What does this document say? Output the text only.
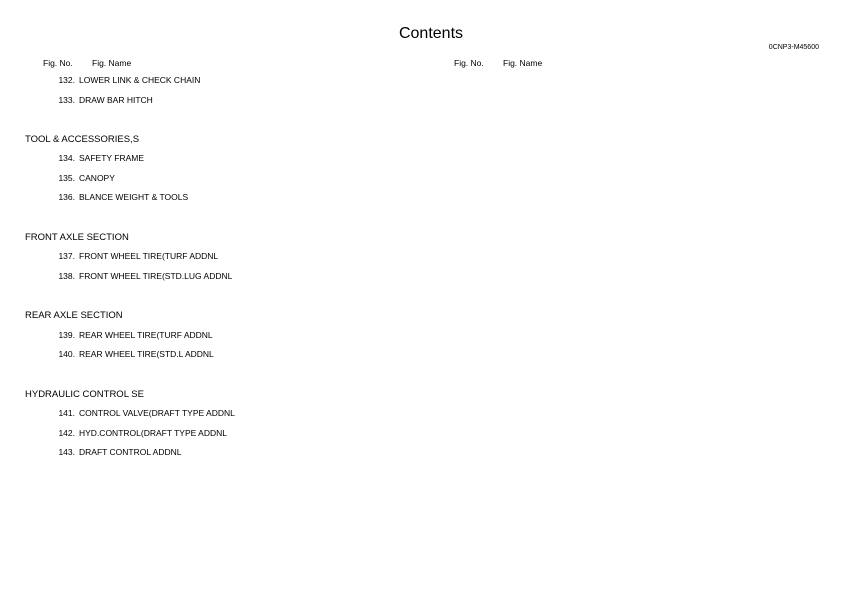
Contents
0CNP3-M45600
Fig. No. Fig. Name	Fig. No. Fig. Name
132. LOWER LINK & CHECK CHAIN
133. DRAW BAR HITCH
TOOL & ACCESSORIES,S
134. SAFETY FRAME
135. CANOPY
136. BLANCE WEIGHT & TOOLS
FRONT AXLE SECTION
137. FRONT WHEEL TIRE(TURF ADDNL
138. FRONT WHEEL TIRE(STD.LUG ADDNL
REAR AXLE SECTION
139. REAR WHEEL TIRE(TURF ADDNL
140. REAR WHEEL TIRE(STD.L ADDNL
HYDRAULIC CONTROL SE
141. CONTROL VALVE(DRAFT TYPE ADDNL
142. HYD.CONTROL(DRAFT TYPE ADDNL
143. DRAFT CONTROL ADDNL
